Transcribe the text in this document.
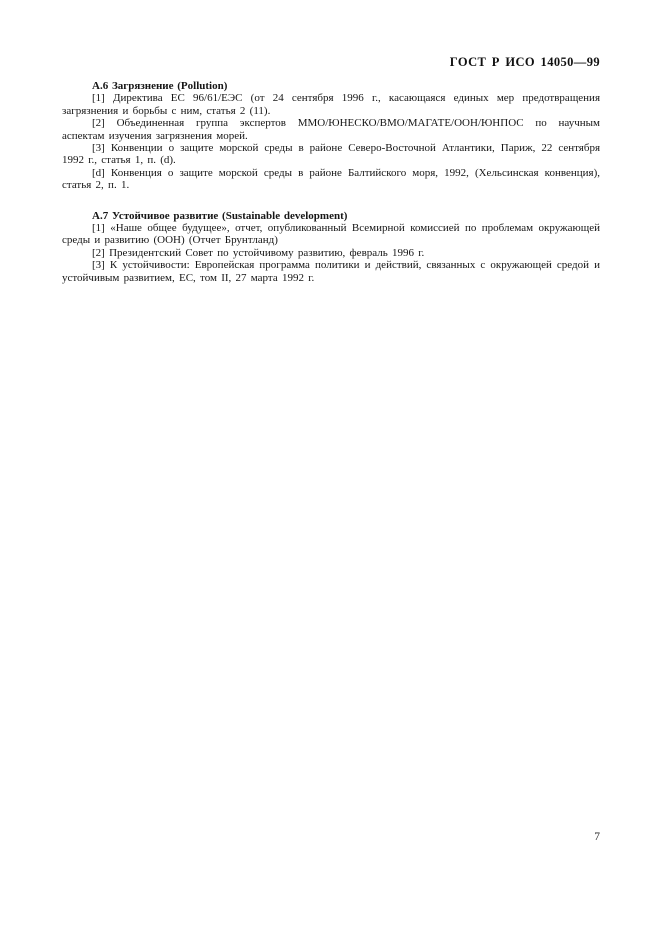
ГОСТ Р ИСО 14050—99
А.6 Загрязнение (Pollution)

[1] Директива ЕС 96/61/ЕЭС (от 24 сентября 1996 г., касающаяся единых мер предотвращения загрязнения и борьбы с ним, статья 2 (11).

[2] Объединенная группа экспертов ММО/ЮНЕСКО/ВМО/МАГАТЕ/ООН/ЮНПОС по научным аспектам изучения загрязнения морей.

[3] Конвенции о защите морской среды в районе Северо-Восточной Атлантики, Париж, 22 сентября 1992 г., статья 1, п. (d).

[d] Конвенция о защите морской среды в районе Балтийского моря, 1992, (Хельсинская конвенция), статья 2, п. 1.

А.7 Устойчивое развитие (Sustainable development)

[1] «Наше общее будущее», отчет, опубликованный Всемирной комиссией по проблемам окружающей среды и развитию (ООН) (Отчет Брунтланд)

[2] Президентский Совет по устойчивому развитию, февраль 1996 г.

[3] К устойчивости: Европейская программа политики и действий, связанных с окружающей средой и устойчивым развитием, ЕС, том II, 27 марта 1992 г.

7
